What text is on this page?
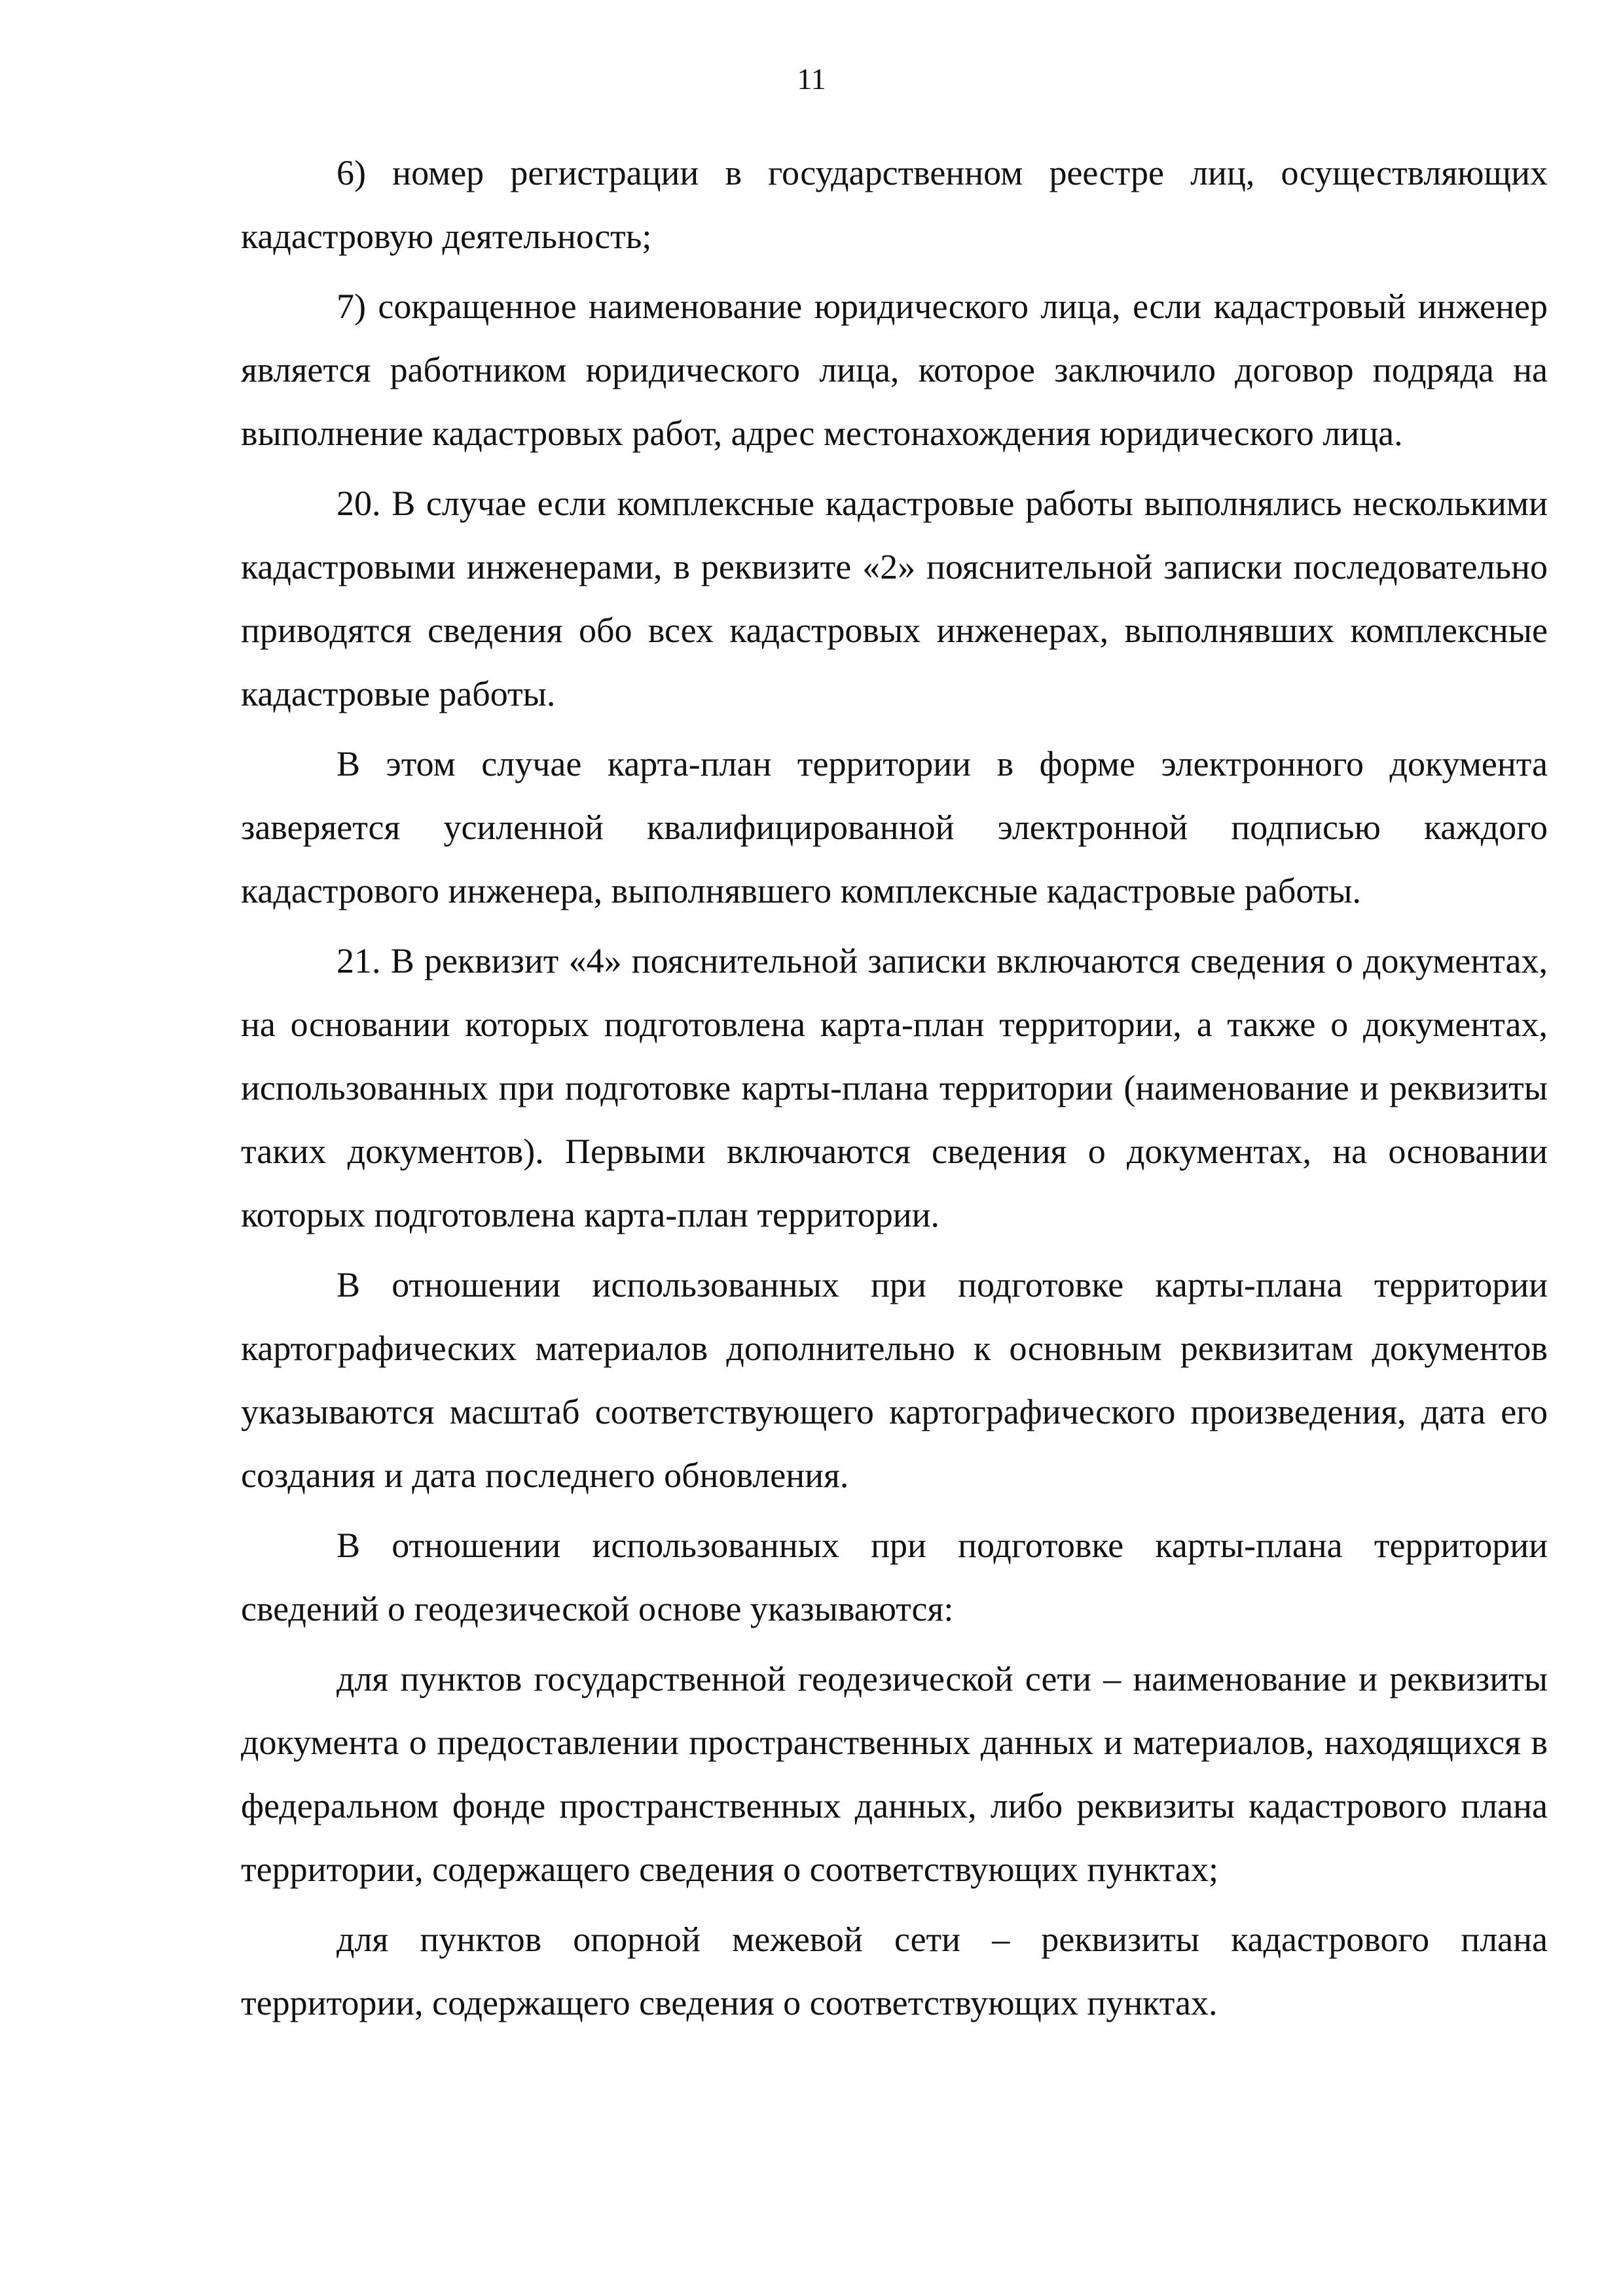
11

6) номер регистрации в государственном реестре лиц, осуществляющих кадастровую деятельность;

7) сокращенное наименование юридического лица, если кадастровый инженер является работником юридического лица, которое заключило договор подряда на выполнение кадастровых работ, адрес местонахождения юридического лица.

20. В случае если комплексные кадастровые работы выполнялись несколькими кадастровыми инженерами, в реквизите «2» пояснительной записки последовательно приводятся сведения обо всех кадастровых инженерах, выполнявших комплексные кадастровые работы.

В этом случае карта-план территории в форме электронного документа заверяется усиленной квалифицированной электронной подписью каждого кадастрового инженера, выполнявшего комплексные кадастровые работы.

21. В реквизит «4» пояснительной записки включаются сведения о документах, на основании которых подготовлена карта-план территории, а также о документах, использованных при подготовке карты-плана территории (наименование и реквизиты таких документов). Первыми включаются сведения о документах, на основании которых подготовлена карта-план территории.

В отношении использованных при подготовке карты-плана территории картографических материалов дополнительно к основным реквизитам документов указываются масштаб соответствующего картографического произведения, дата его создания и дата последнего обновления.

В отношении использованных при подготовке карты-плана территории сведений о геодезической основе указываются:

для пунктов государственной геодезической сети – наименование и реквизиты документа о предоставлении пространственных данных и материалов, находящихся в федеральном фонде пространственных данных, либо реквизиты кадастрового плана территории, содержащего сведения о соответствующих пунктах;

для пунктов опорной межевой сети – реквизиты кадастрового плана территории, содержащего сведения о соответствующих пунктах.
